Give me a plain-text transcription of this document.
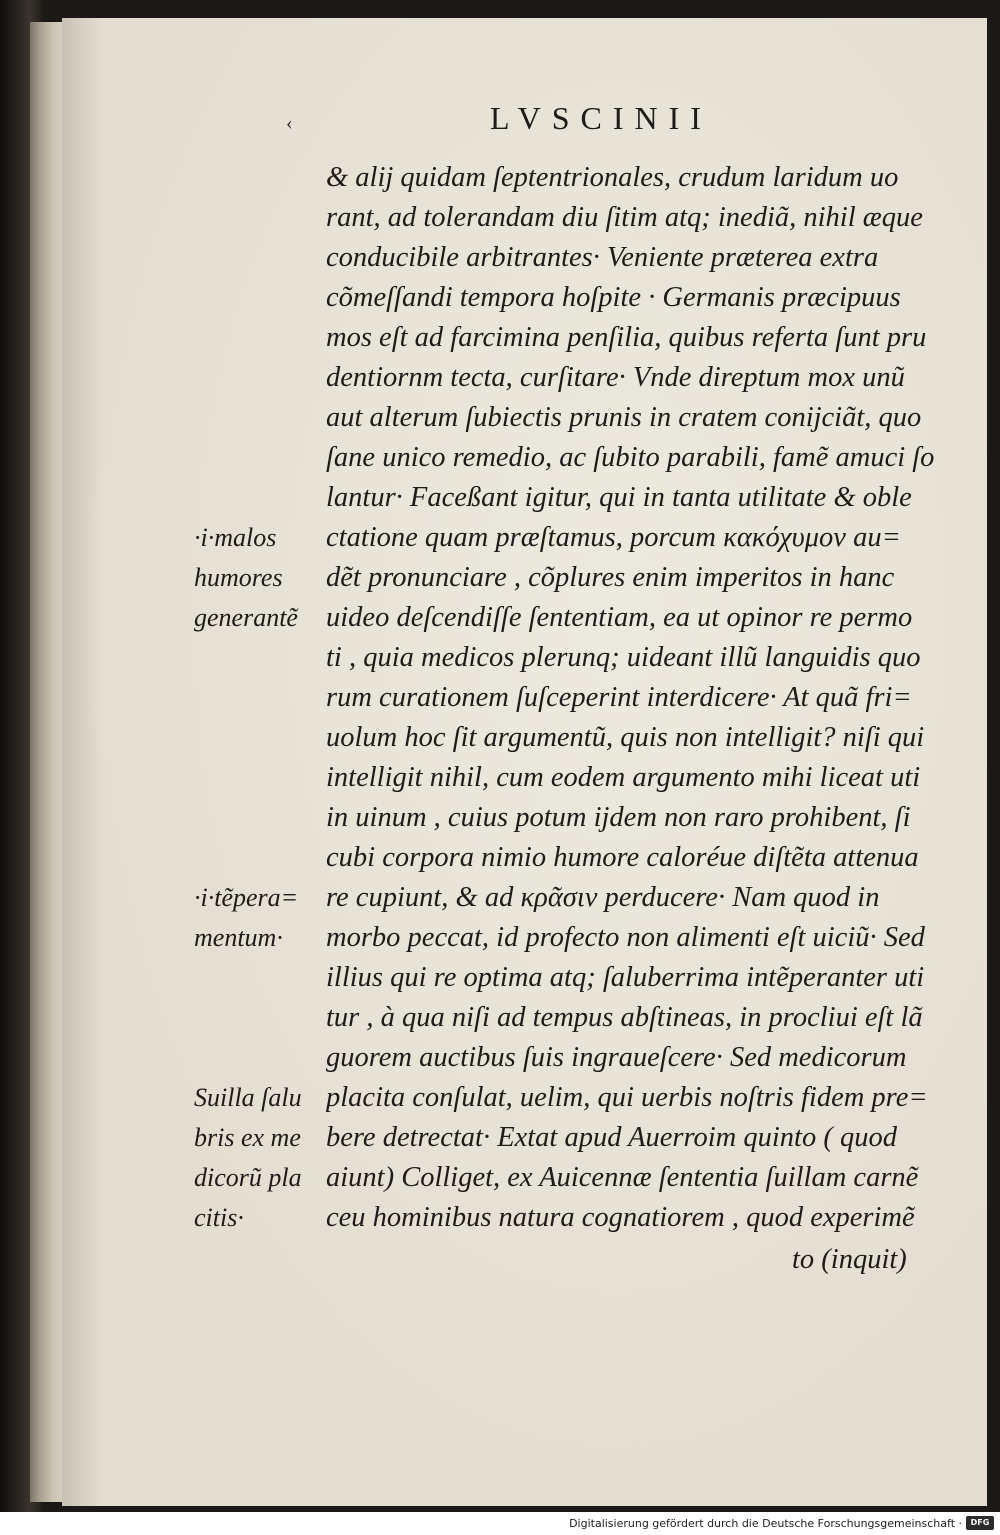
‹	LVSCINII
& alij quidam ſeptentrionales, crudum laridum uo
rant, ad tolerandam diu ſitim atq; inediã, nihil æque
conducibile arbitrantes· Veniente præterea extra
cõmeſſandi tempora hoſpite · Germanis præcipuus
mos eſt ad farcimina penſilia, quibus referta ſunt pru
dentiornm tecta, curſitare· Vnde direptum mox unũ
aut alterum ſubiectis prunis in cratem conijciãt, quo
ſane unico remedio, ac ſubito parabili, famẽ amuci ſo
lantur· Faceßant igitur, qui in tanta utilitate & oble
ctatione quam præſtamus, porcum κακόχυμον au=
dẽt pronunciare , cõplures enim imperitos in hanc
uideo deſcendiſſe ſententiam, ea ut opinor re permo
ti , quia medicos plerunq; uideant illũ languidis quo
rum curationem ſuſceperint interdicere· At quã fri=
uolum hoc ſit argumentũ, quis non intelligit? niſi qui
intelligit nihil, cum eodem argumento mihi liceat uti
in uinum , cuius potum ijdem non raro prohibent, ſi
cubi corpora nimio humore caloréue diſtẽta attenua
re cupiunt, & ad κρᾶσιν perducere· Nam quod in
morbo peccat, id profecto non alimenti eſt uiciũ· Sed
illius qui re optima atq; ſaluberrima intẽperanter uti
tur , à qua niſi ad tempus abſtineas, in procliui eſt lã
guorem auctibus ſuis ingraueſcere· Sed medicorum
placita conſulat, uelim, qui uerbis noſtris fidem pre=
bere detrectat· Extat apud Auerroim quinto ( quod
aiunt) Colliget, ex Auicennæ ſententia ſuillam carnẽ
ceu hominibus natura cognatiorem , quod experimẽ
to (inquit)
·i·malos
humores
generantẽ
·i·tẽpera=
mentum·
Suilla ſalu
bris ex me
dicorũ pla
citis·
Digitalisierung gefördert durch die Deutsche Forschungsgemeinschaft ·	DFG
